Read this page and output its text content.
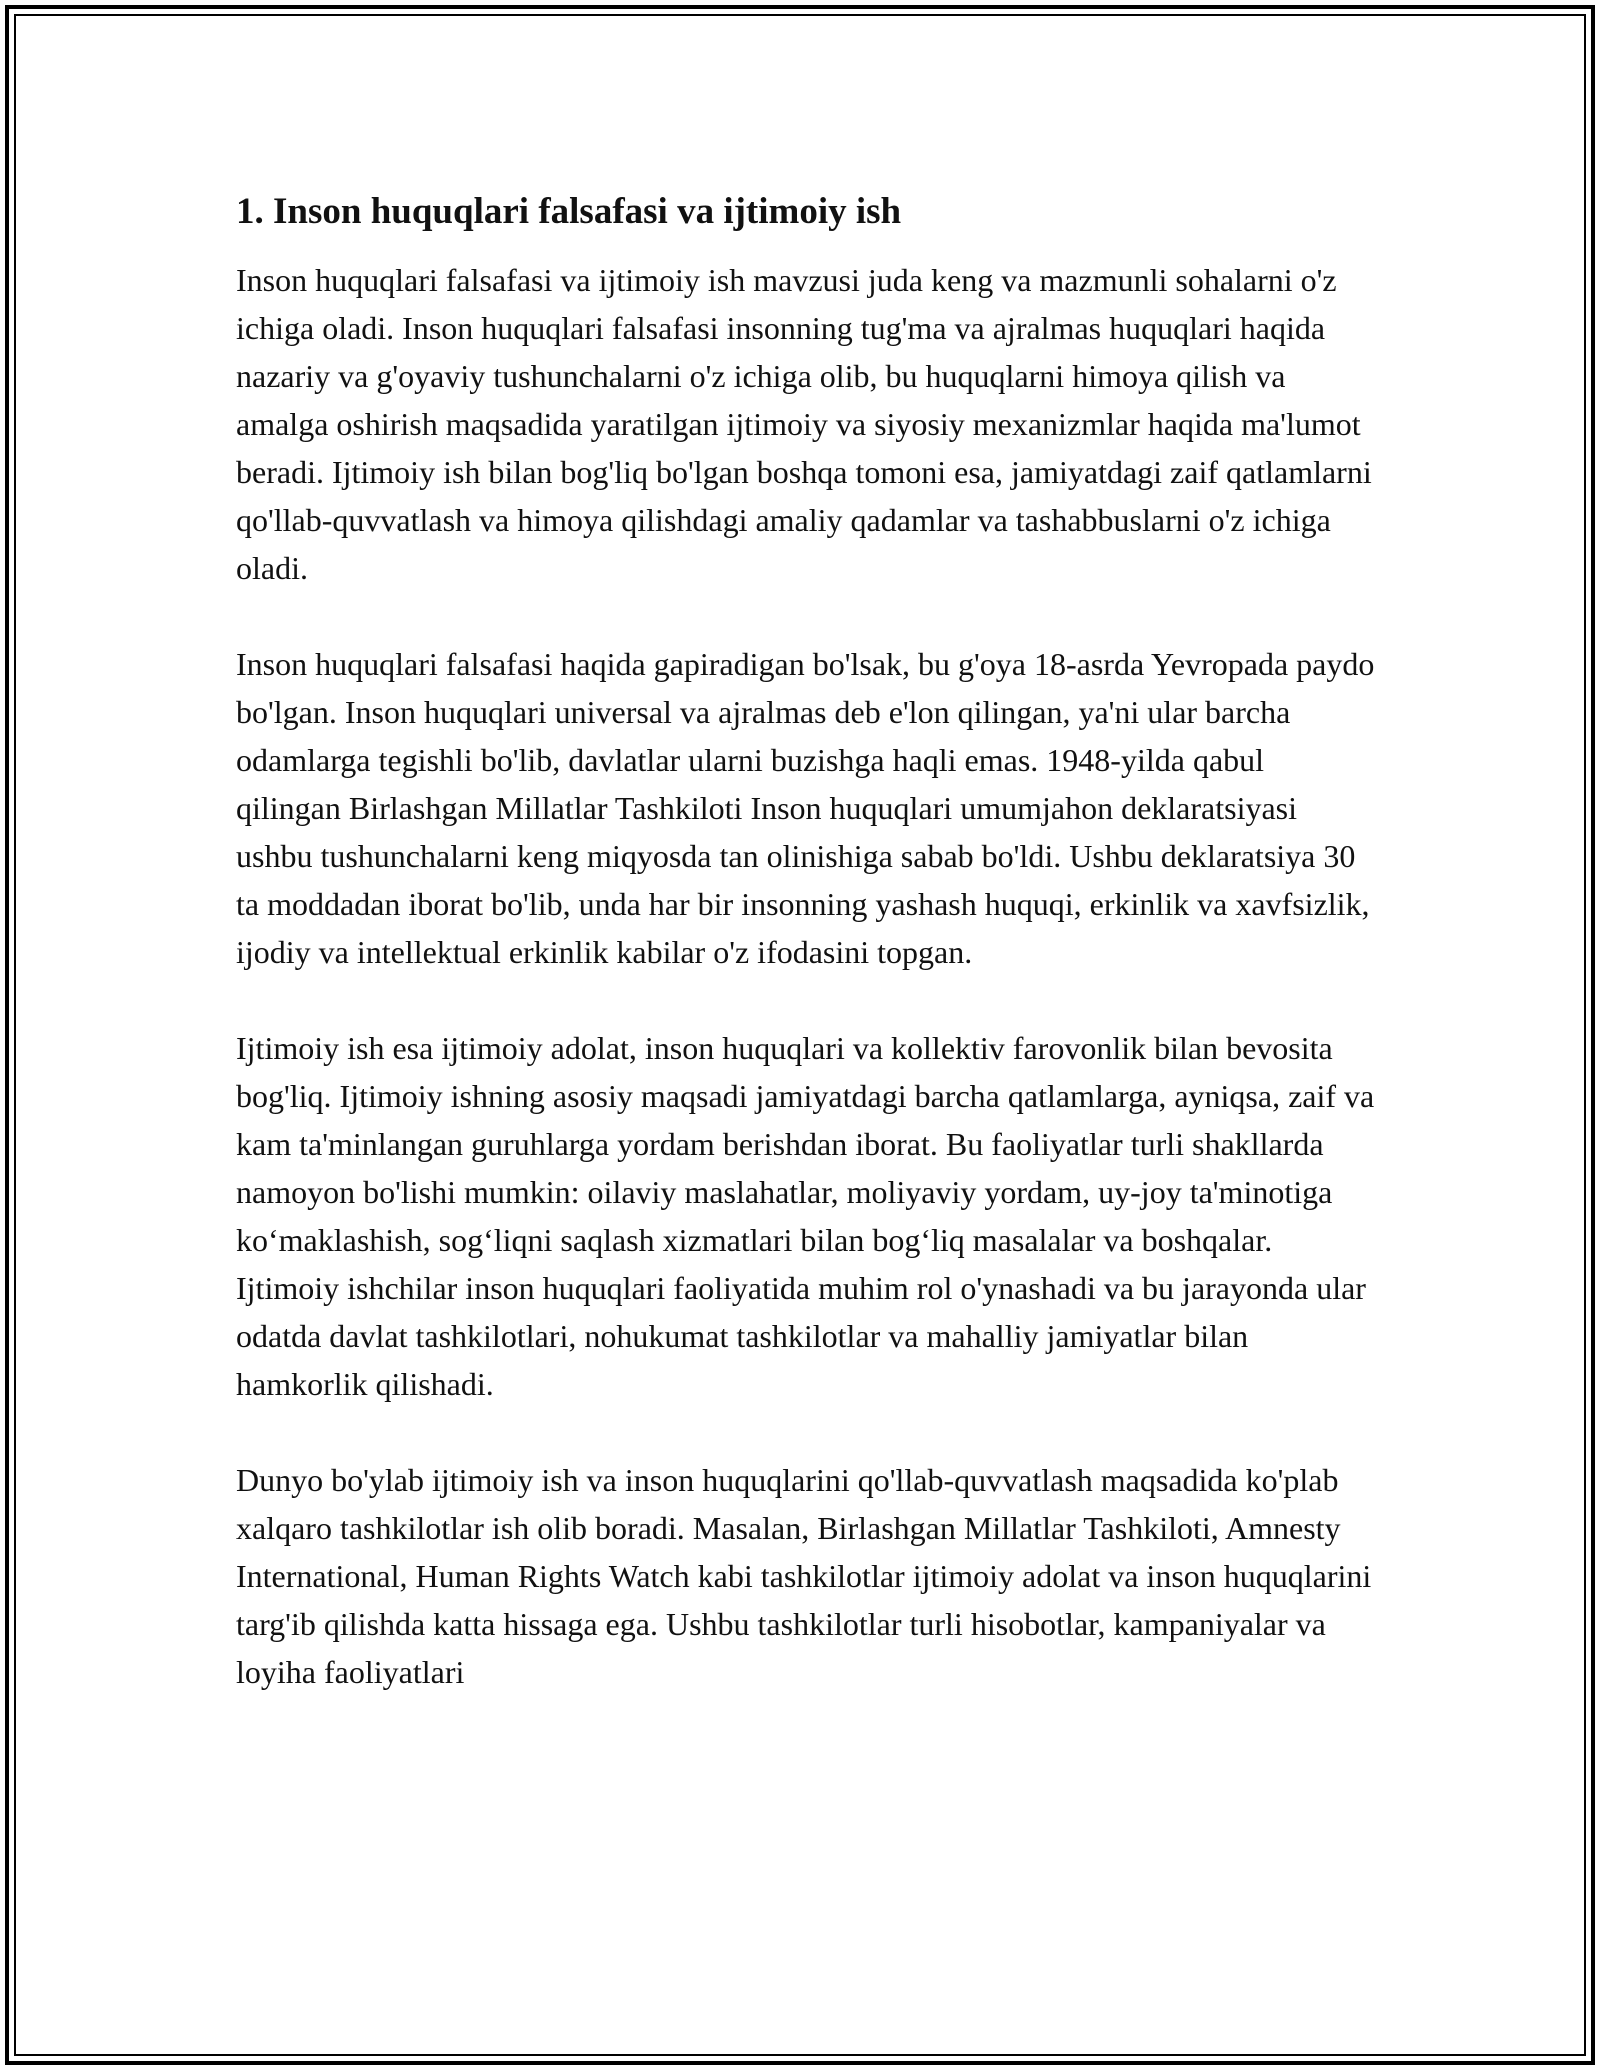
1. Inson huquqlari falsafasi va ijtimoiy ish

Inson huquqlari falsafasi va ijtimoiy ish mavzusi juda keng va mazmunli sohalarni o'z ichiga oladi. Inson huquqlari falsafasi insonning tug'ma va ajralmas huquqlari haqida nazariy va g'oyaviy tushunchalarni o'z ichiga olib, bu huquqlarni himoya qilish va amalga oshirish maqsadida yaratilgan ijtimoiy va siyosiy mexanizmlar haqida ma'lumot beradi. Ijtimoiy ish bilan bog'liq bo'lgan boshqa tomoni esa, jamiyatdagi zaif qatlamlarni qo'llab-quvvatlash va himoya qilishdagi amaliy qadamlar va tashabbuslarni o'z ichiga oladi.

Inson huquqlari falsafasi haqida gapiradigan bo'lsak, bu g'oya 18-asrda Yevropada paydo bo'lgan. Inson huquqlari universal va ajralmas deb e'lon qilingan, ya'ni ular barcha odamlarga tegishli bo'lib, davlatlar ularni buzishga haqli emas. 1948-yilda qabul qilingan Birlashgan Millatlar Tashkiloti Inson huquqlari umumjahon deklaratsiyasi ushbu tushunchalarni keng miqyosda tan olinishiga sabab bo'ldi. Ushbu deklaratsiya 30 ta moddadan iborat bo'lib, unda har bir insonning yashash huquqi, erkinlik va xavfsizlik, ijodiy va intellektual erkinlik kabilar o'z ifodasini topgan.

Ijtimoiy ish esa ijtimoiy adolat, inson huquqlari va kollektiv farovonlik bilan bevosita bog'liq. Ijtimoiy ishning asosiy maqsadi jamiyatdagi barcha qatlamlarga, ayniqsa, zaif va kam ta'minlangan guruhlarga yordam berishdan iborat. Bu faoliyatlar turli shakllarda namoyon bo'lishi mumkin: oilaviy maslahatlar, moliyaviy yordam, uy-joy ta'minotiga ko‘maklashish, sog‘liqni saqlash xizmatlari bilan bog‘liq masalalar va boshqalar. Ijtimoiy ishchilar inson huquqlari faoliyatida muhim rol o'ynashadi va bu jarayonda ular odatda davlat tashkilotlari, nohukumat tashkilotlar va mahalliy jamiyatlar bilan hamkorlik qilishadi.

Dunyo bo'ylab ijtimoiy ish va inson huquqlarini qo'llab-quvvatlash maqsadida ko'plab xalqaro tashkilotlar ish olib boradi. Masalan, Birlashgan Millatlar Tashkiloti, Amnesty International, Human Rights Watch kabi tashkilotlar ijtimoiy adolat va inson huquqlarini targ'ib qilishda katta hissaga ega. Ushbu tashkilotlar turli hisobotlar, kampaniyalar va loyiha faoliyatlari
